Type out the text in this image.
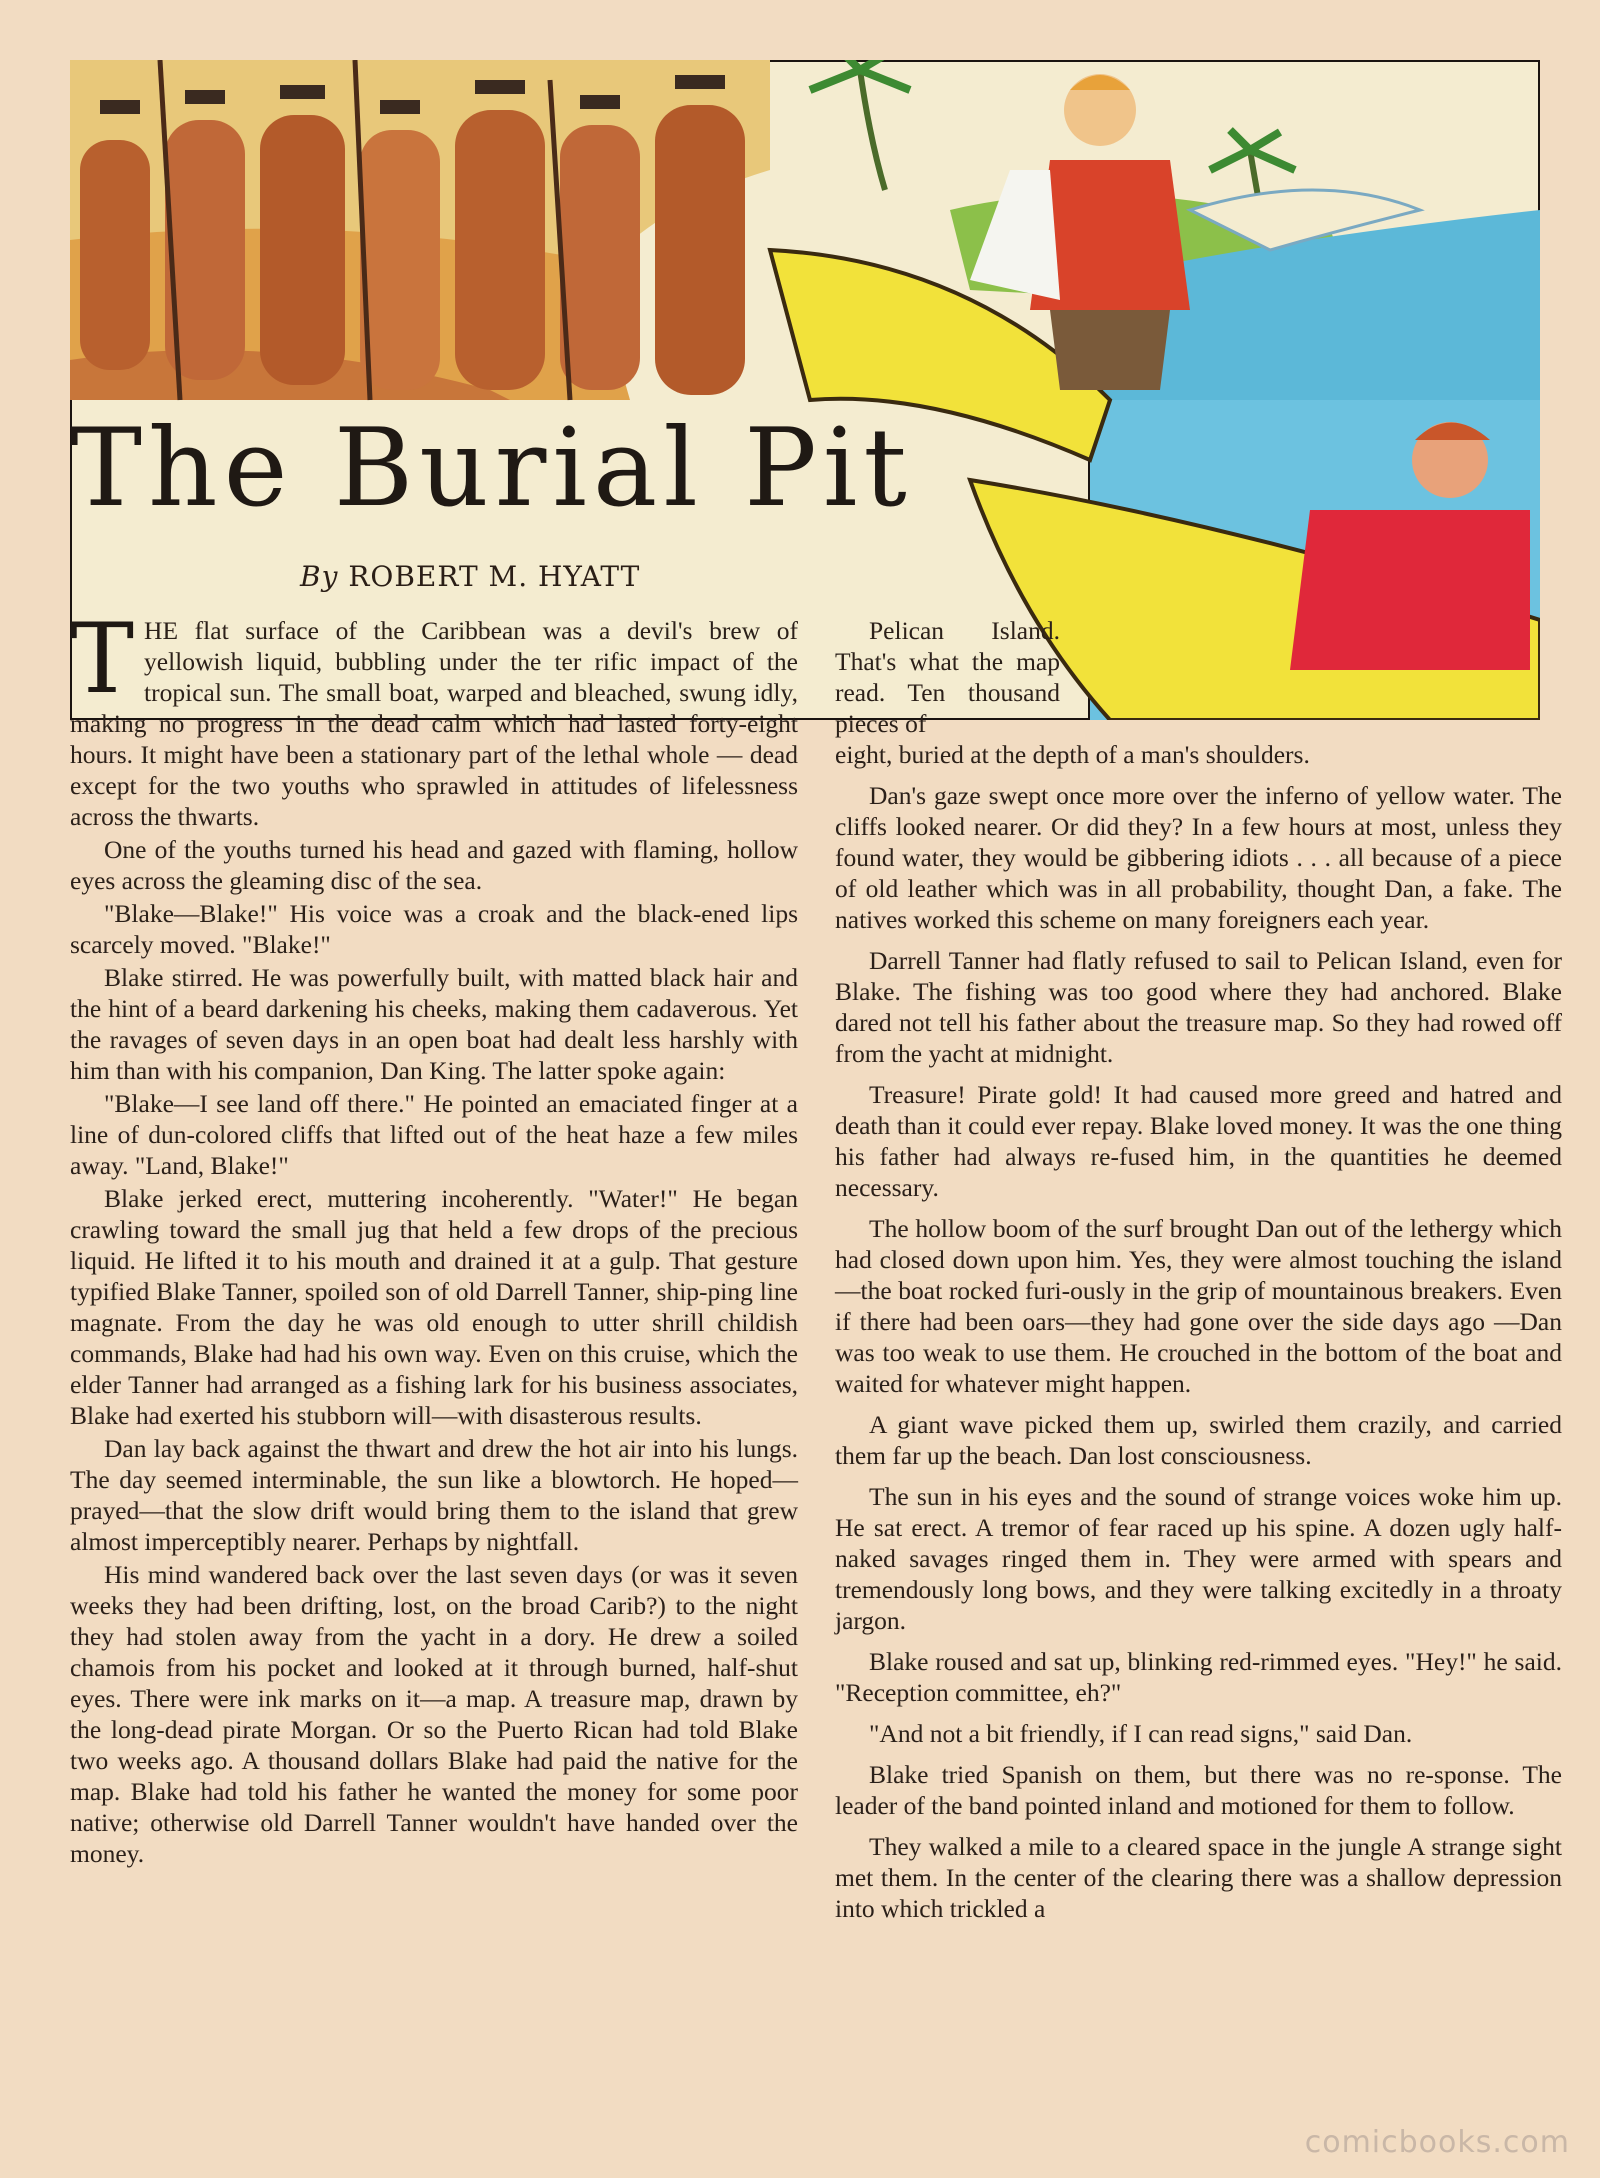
The Burial Pit
By ROBERT M. HYATT

THE flat surface of the Caribbean was a devil's brew of yellowish liquid, bubbling under the ter rific impact of the tropical sun. The small boat, warped and bleached, swung idly, making no progress in the dead calm which had lasted forty-eight hours. It might have been a stationary part of the lethal whole — dead except for the two youths who sprawled in attitudes of lifelessness across the thwarts.

One of the youths turned his head and gazed with flaming, hollow eyes across the gleaming disc of the sea.

"Blake—Blake!" His voice was a croak and the black-ened lips scarcely moved. "Blake!"

Blake stirred. He was powerfully built, with matted black hair and the hint of a beard darkening his cheeks, making them cadaverous. Yet the ravages of seven days in an open boat had dealt less harshly with him than with his companion, Dan King. The latter spoke again:

"Blake—I see land off there." He pointed an emaciated finger at a line of dun-colored cliffs that lifted out of the heat haze a few miles away. "Land, Blake!"

Blake jerked erect, muttering incoherently. "Water!" He began crawling toward the small jug that held a few drops of the precious liquid. He lifted it to his mouth and drained it at a gulp. That gesture typified Blake Tanner, spoiled son of old Darrell Tanner, ship-ping line magnate. From the day he was old enough to utter shrill childish commands, Blake had had his own way. Even on this cruise, which the elder Tanner had arranged as a fishing lark for his business associates, Blake had exerted his stubborn will—with disasterous results.

Dan lay back against the thwart and drew the hot air into his lungs. The day seemed interminable, the sun like a blowtorch. He hoped—prayed—that the slow drift would bring them to the island that grew almost imperceptibly nearer. Perhaps by nightfall.

His mind wandered back over the last seven days (or was it seven weeks they had been drifting, lost, on the broad Carib?) to the night they had stolen away from the yacht in a dory. He drew a soiled chamois from his pocket and looked at it through burned, half-shut eyes. There were ink marks on it—a map. A treasure map, drawn by the long-dead pirate Morgan. Or so the Puerto Rican had told Blake two weeks ago. A thousand dollars Blake had paid the native for the map. Blake had told his father he wanted the money for some poor native; otherwise old Darrell Tanner wouldn't have handed over the money.

Pelican Island. That's what the map read. Ten thousand pieces of

eight, buried at the depth of a man's shoulders.

Dan's gaze swept once more over the inferno of yellow water. The cliffs looked nearer. Or did they? In a few hours at most, unless they found water, they would be gibbering idiots . . . all because of a piece of old leather which was in all probability, thought Dan, a fake. The natives worked this scheme on many foreigners each year.

Darrell Tanner had flatly refused to sail to Pelican Island, even for Blake. The fishing was too good where they had anchored. Blake dared not tell his father about the treasure map. So they had rowed off from the yacht at midnight.

Treasure! Pirate gold! It had caused more greed and hatred and death than it could ever repay. Blake loved money. It was the one thing his father had always re-fused him, in the quantities he deemed necessary.

The hollow boom of the surf brought Dan out of the lethergy which had closed down upon him. Yes, they were almost touching the island—the boat rocked furi-ously in the grip of mountainous breakers. Even if there had been oars—they had gone over the side days ago —Dan was too weak to use them. He crouched in the bottom of the boat and waited for whatever might happen.

A giant wave picked them up, swirled them crazily, and carried them far up the beach. Dan lost consciousness.

The sun in his eyes and the sound of strange voices woke him up. He sat erect. A tremor of fear raced up his spine. A dozen ugly half-naked savages ringed them in. They were armed with spears and tremendously long bows, and they were talking excitedly in a throaty jargon.

Blake roused and sat up, blinking red-rimmed eyes. "Hey!" he said. "Reception committee, eh?"

"And not a bit friendly, if I can read signs," said Dan.

Blake tried Spanish on them, but there was no re-sponse. The leader of the band pointed inland and motioned for them to follow.

They walked a mile to a cleared space in the jungle A strange sight met them. In the center of the clearing there was a shallow depression into which trickled a

comicbooks.com
